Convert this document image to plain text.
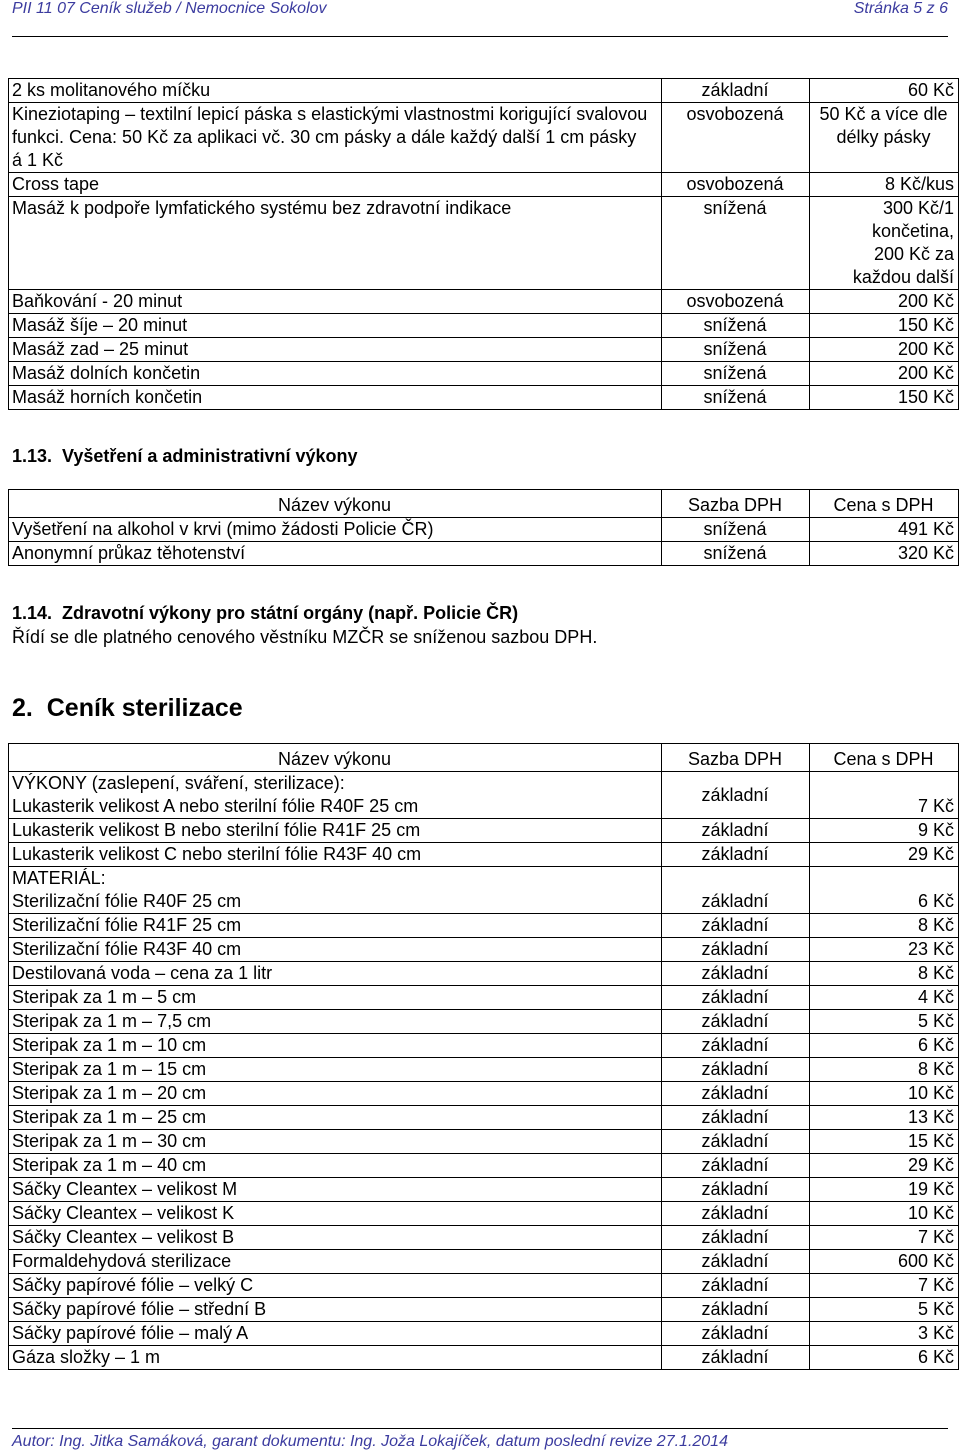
PII 11 07 Ceník služeb / Nemocnice Sokolov	Stránka 5 z 6
2 ks molitanového míčku	základní	60 Kč
Kineziotaping – textilní lepicí páska s elastickými vlastnostmi korigující svalovou funkci. Cena: 50 Kč za aplikaci vč. 30 cm pásky a dále každý další 1 cm pásky á 1 Kč	osvobozená	50 Kč a více dle délky pásky
Cross tape	osvobozená	8 Kč/kus
Masáž k podpoře lymfatického systému bez zdravotní indikace	snížená	300 Kč/1 končetina, 200 Kč za každou další
Baňkování - 20 minut	osvobozená	200 Kč
Masáž šíje – 20 minut	snížená	150 Kč
Masáž zad – 25 minut	snížená	200 Kč
Masáž dolních končetin	snížená	200 Kč
Masáž horních končetin	snížená	150 Kč
1.13.  Vyšetření a administrativní výkony
Název výkonu	Sazba DPH	Cena s DPH
Vyšetření na alkohol v krvi (mimo žádosti Policie ČR)	snížená	491 Kč
Anonymní průkaz těhotenství	snížená	320 Kč
1.14.  Zdravotní výkony pro státní orgány (např. Policie ČR)
Řídí se dle platného cenového věstníku MZČR se sníženou sazbou DPH.
2.  Ceník sterilizace
Název výkonu	Sazba DPH	Cena s DPH

VÝKONY (zaslepení, sváření, sterilizace):
Lukasterik velikost A nebo sterilní fólie R40F 25 cm	základní	7 Kč
Lukasterik velikost B nebo sterilní fólie R41F 25 cm	základní	9 Kč
Lukasterik velikost C nebo sterilní fólie R43F 40 cm	základní	29 Kč

MATERIÁL:
Sterilizační fólie R40F 25 cm	základní	6 Kč
Sterilizační fólie R41F 25 cm	základní	8 Kč
Sterilizační fólie R43F 40 cm	základní	23 Kč
Destilovaná voda – cena za 1 litr	základní	8 Kč
Steripak za 1 m – 5 cm	základní	4 Kč
Steripak za 1 m – 7,5 cm	základní	5 Kč
Steripak za 1 m – 10 cm	základní	6 Kč
Steripak za 1 m – 15 cm	základní	8 Kč
Steripak za 1 m – 20 cm	základní	10 Kč
Steripak za 1 m – 25 cm	základní	13 Kč
Steripak za 1 m – 30 cm	základní	15 Kč
Steripak za 1 m – 40 cm	základní	29 Kč
Sáčky Cleantex – velikost M	základní	19 Kč
Sáčky Cleantex – velikost K	základní	10 Kč
Sáčky Cleantex – velikost B	základní	7 Kč
Formaldehydová sterilizace	základní	600 Kč
Sáčky papírové fólie – velký C	základní	7 Kč
Sáčky papírové fólie – střední B	základní	5 Kč
Sáčky papírové fólie – malý A	základní	3 Kč
Gáza složky – 1 m	základní	6 Kč
Autor: Ing. Jitka Samáková, garant dokumentu: Ing. Joža Lokajíček, datum poslední revize 27.1.2014
